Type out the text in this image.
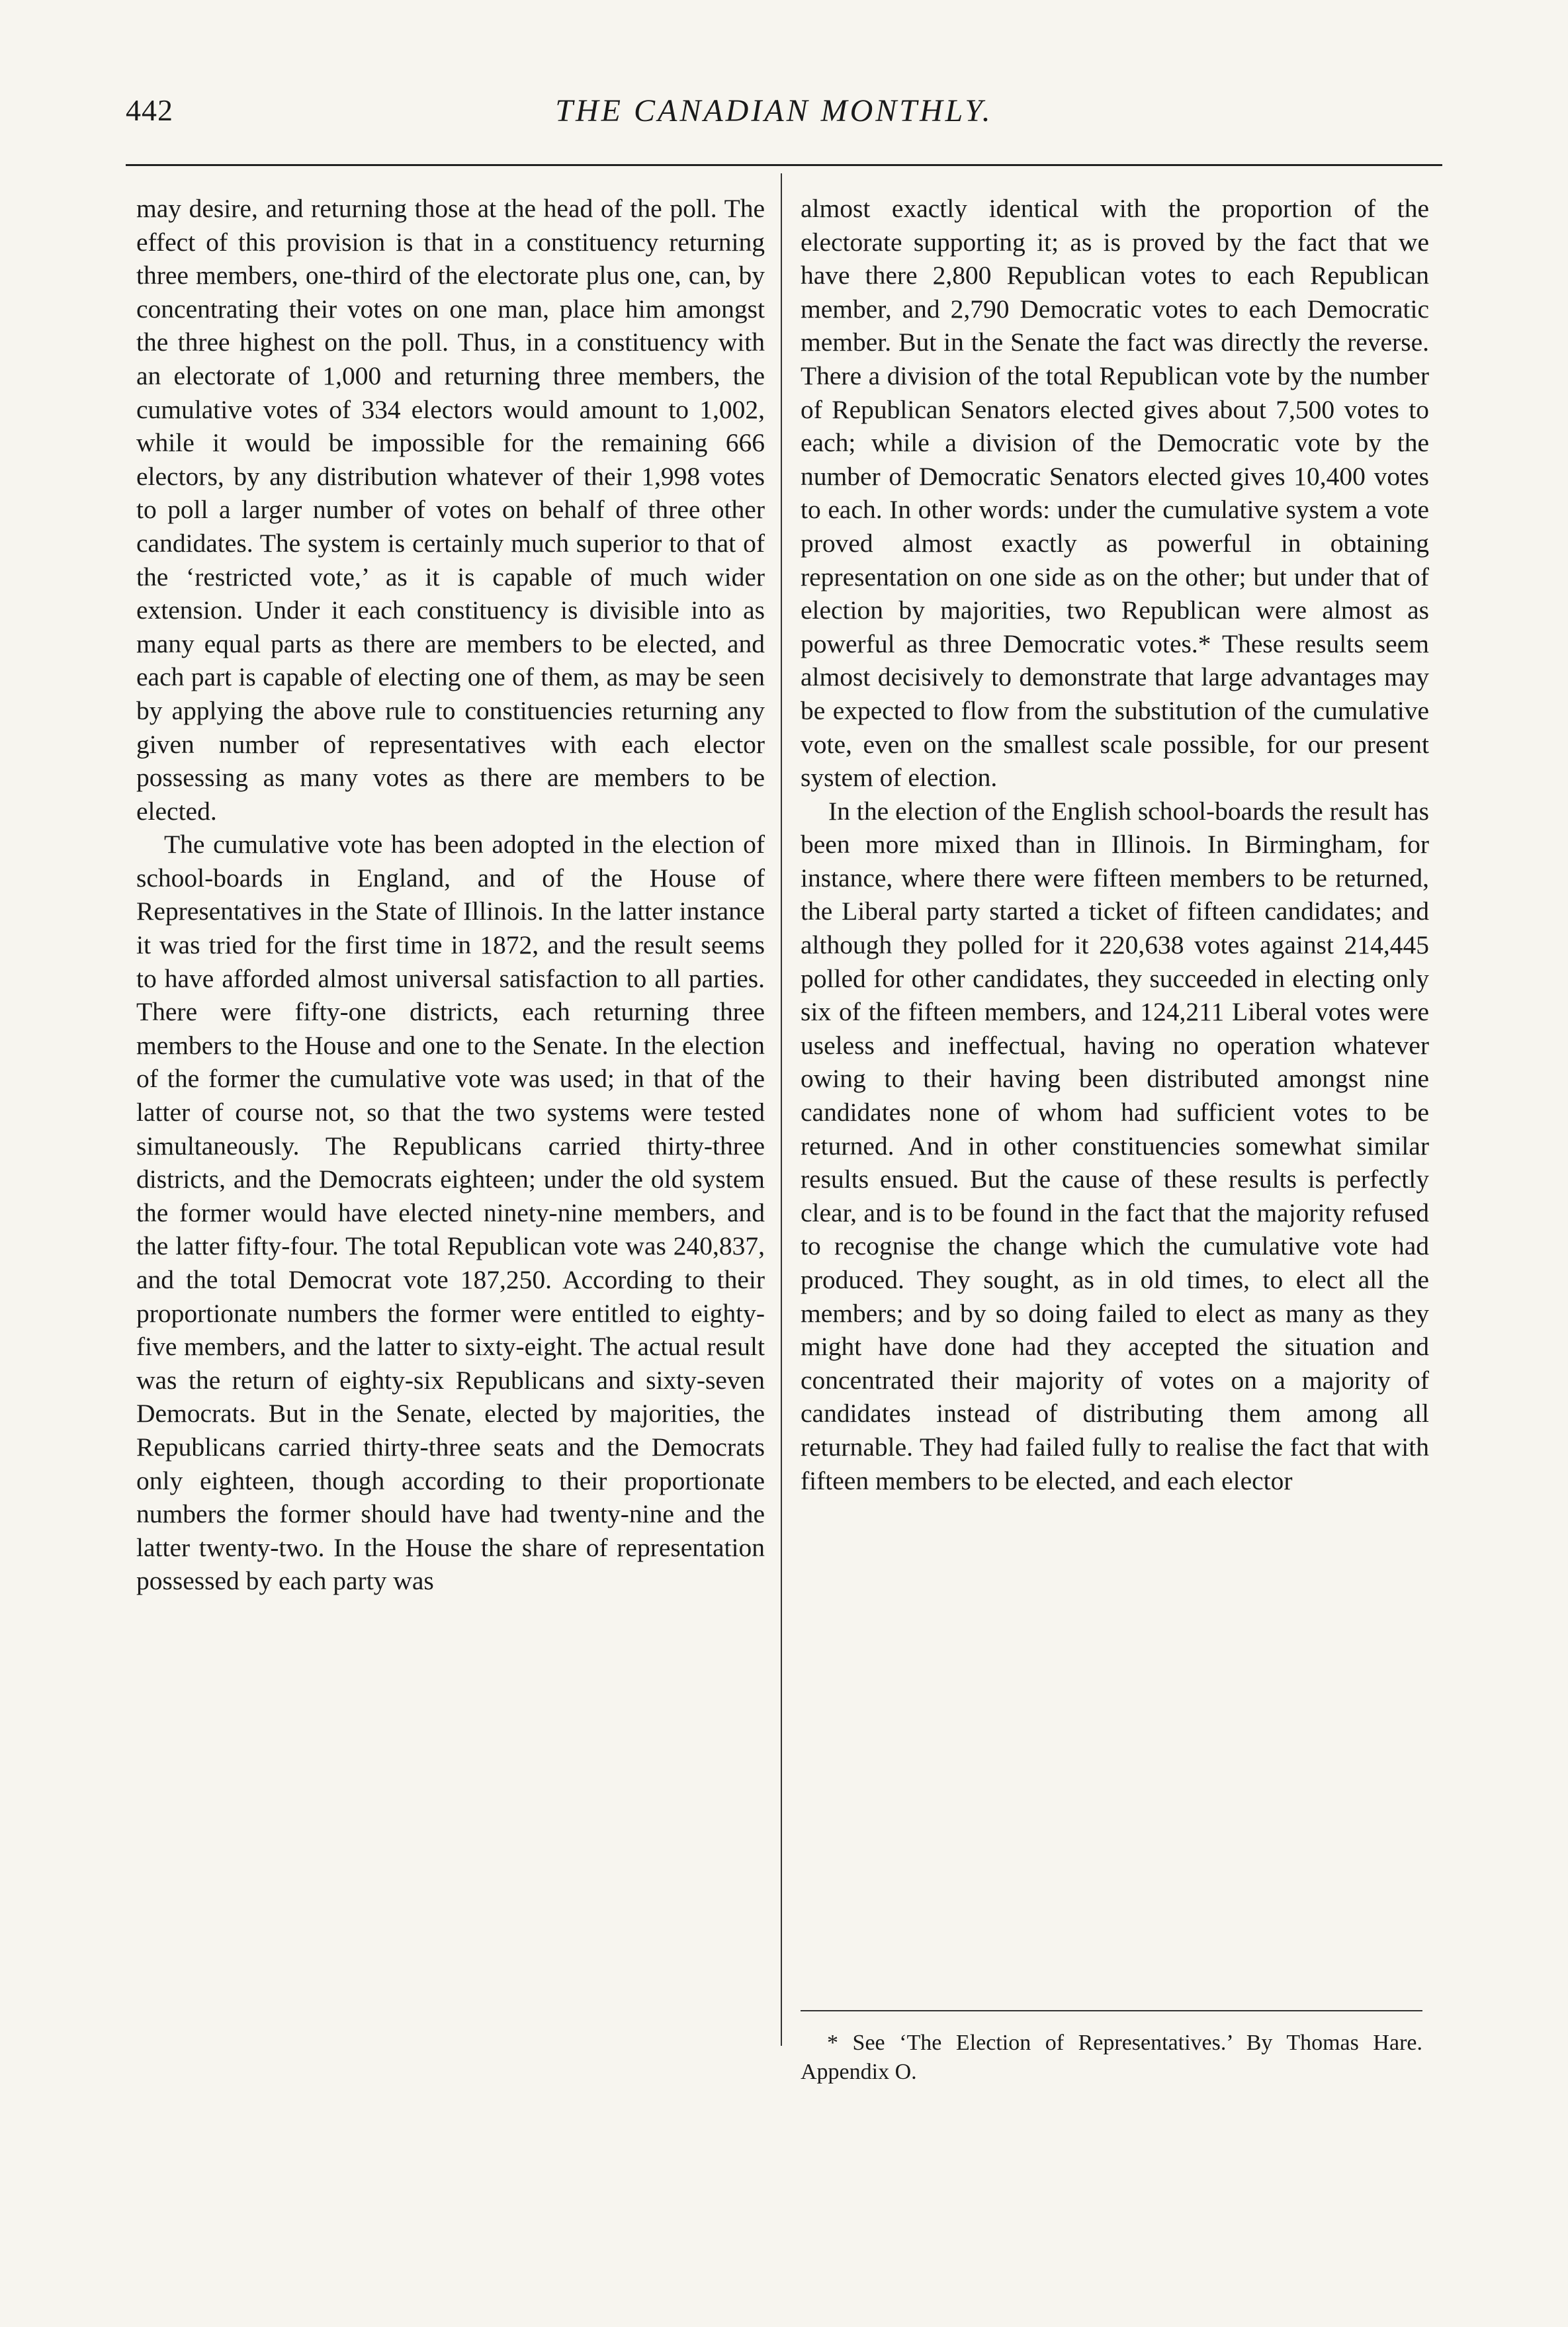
442	THE CANADIAN MONTHLY.

may desire, and returning those at the head of the poll. The effect of this provision is that in a constituency returning three members, one-third of the electorate plus one, can, by concentrating their votes on one man, place him amongst the three highest on the poll. Thus, in a constituency with an electorate of 1,000 and returning three members, the cumulative votes of 334 electors would amount to 1,002, while it would be impossible for the remaining 666 electors, by any distribution whatever of their 1,998 votes to poll a larger number of votes on behalf of three other candidates. The system is certainly much superior to that of the ‘restricted vote,’ as it is capable of much wider extension. Under it each constituency is divisible into as many equal parts as there are members to be elected, and each part is capable of electing one of them, as may be seen by applying the above rule to constituencies returning any given number of representatives with each elector possessing as many votes as there are members to be elected.

The cumulative vote has been adopted in the election of school-boards in England, and of the House of Representatives in the State of Illinois. In the latter instance it was tried for the first time in 1872, and the result seems to have afforded almost universal satisfaction to all parties. There were fifty-one districts, each returning three members to the House and one to the Senate. In the election of the former the cumulative vote was used; in that of the latter of course not, so that the two systems were tested simultaneously. The Republicans carried thirty-three districts, and the Democrats eighteen; under the old system the former would have elected ninety-nine members, and the latter fifty-four. The total Republican vote was 240,837, and the total Democrat vote 187,250. According to their proportionate numbers the former were entitled to eighty-five members, and the latter to sixty-eight. The actual result was the return of eighty-six Republicans and sixty-seven Democrats. But in the Senate, elected by majorities, the Republicans carried thirty-three seats and the Democrats only eighteen, though according to their proportionate numbers the former should have had twenty-nine and the latter twenty-two. In the House the share of representation possessed by each party was

almost exactly identical with the proportion of the electorate supporting it; as is proved by the fact that we have there 2,800 Republican votes to each Republican member, and 2,790 Democratic votes to each Democratic member. But in the Senate the fact was directly the reverse. There a division of the total Republican vote by the number of Republican Senators elected gives about 7,500 votes to each; while a division of the Democratic vote by the number of Democratic Senators elected gives 10,400 votes to each. In other words: under the cumulative system a vote proved almost exactly as powerful in obtaining representation on one side as on the other; but under that of election by majorities, two Republican were almost as powerful as three Democratic votes.* These results seem almost decisively to demonstrate that large advantages may be expected to flow from the substitution of the cumulative vote, even on the smallest scale possible, for our present system of election.

In the election of the English school-boards the result has been more mixed than in Illinois. In Birmingham, for instance, where there were fifteen members to be returned, the Liberal party started a ticket of fifteen candidates; and although they polled for it 220,638 votes against 214,445 polled for other candidates, they succeeded in electing only six of the fifteen members, and 124,211 Liberal votes were useless and ineffectual, having no operation whatever owing to their having been distributed amongst nine candidates none of whom had sufficient votes to be returned. And in other constituencies somewhat similar results ensued. But the cause of these results is perfectly clear, and is to be found in the fact that the majority refused to recognise the change which the cumulative vote had produced. They sought, as in old times, to elect all the members; and by so doing failed to elect as many as they might have done had they accepted the situation and concentrated their majority of votes on a majority of candidates instead of distributing them among all returnable. They had failed fully to realise the fact that with fifteen members to be elected, and each elector

* See ‘The Election of Representatives.’ By Thomas Hare. Appendix O.
